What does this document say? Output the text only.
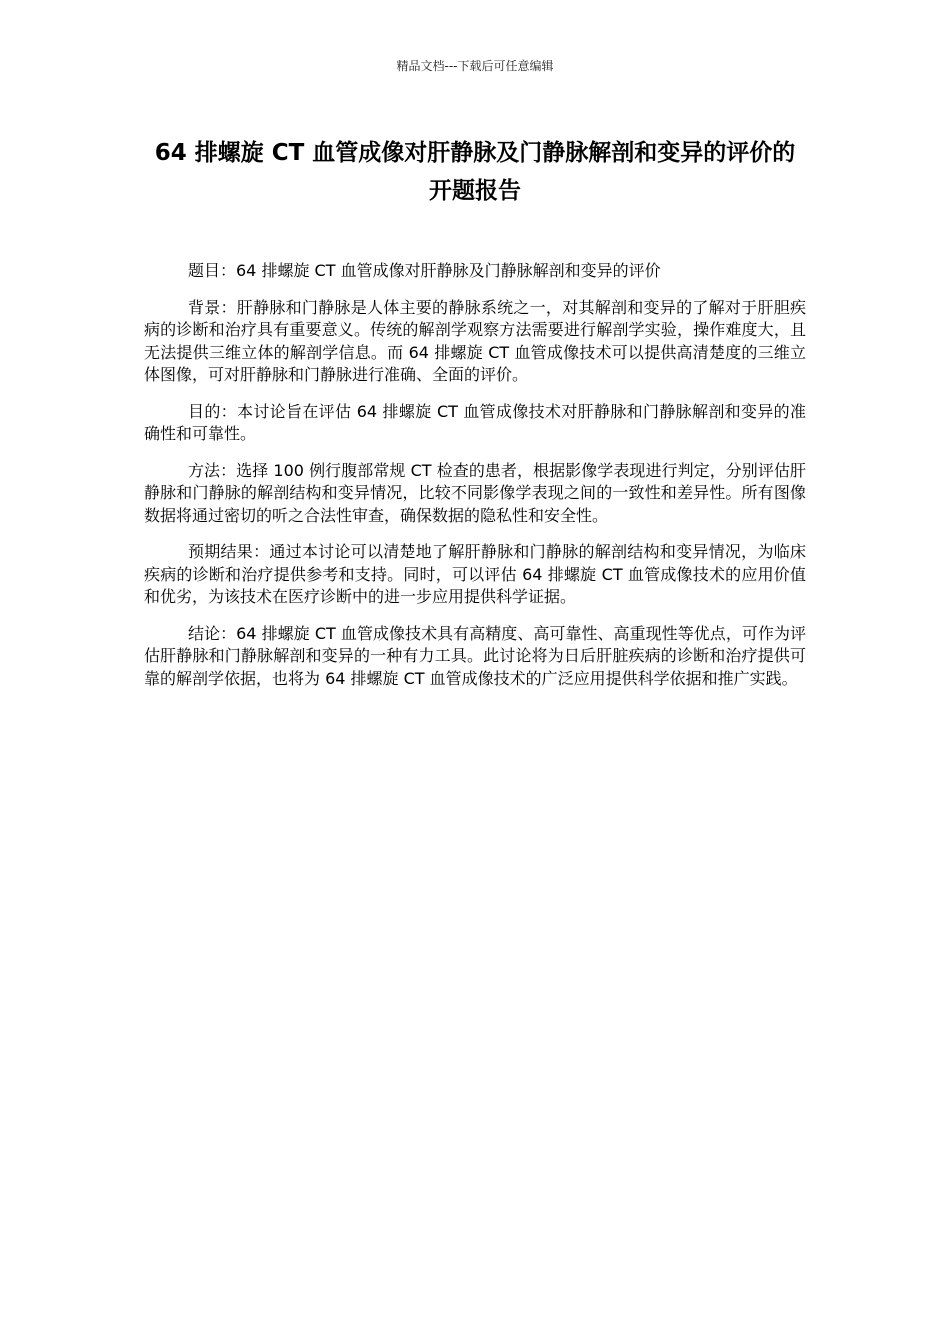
精品文档---下载后可任意编辑
64 排螺旋 CT 血管成像对肝静脉及门静脉解剖和变异的评价的开题报告

题目：64 排螺旋 CT 血管成像对肝静脉及门静脉解剖和变异的评价

背景：肝静脉和门静脉是人体主要的静脉系统之一，对其解剖和变异的了解对于肝胆疾病的诊断和治疗具有重要意义。传统的解剖学观察方法需要进行解剖学实验，操作难度大，且无法提供三维立体的解剖学信息。而 64 排螺旋 CT 血管成像技术可以提供高清楚度的三维立体图像，可对肝静脉和门静脉进行准确、全面的评价。

目的：本讨论旨在评估 64 排螺旋 CT 血管成像技术对肝静脉和门静脉解剖和变异的准确性和可靠性。

方法：选择 100 例行腹部常规 CT 检查的患者，根据影像学表现进行判定，分别评估肝静脉和门静脉的解剖结构和变异情况，比较不同影像学表现之间的一致性和差异性。所有图像数据将通过密切的听之合法性审查，确保数据的隐私性和安全性。

预期结果：通过本讨论可以清楚地了解肝静脉和门静脉的解剖结构和变异情况，为临床疾病的诊断和治疗提供参考和支持。同时，可以评估 64 排螺旋 CT 血管成像技术的应用价值和优劣，为该技术在医疗诊断中的进一步应用提供科学证据。

结论：64 排螺旋 CT 血管成像技术具有高精度、高可靠性、高重现性等优点，可作为评估肝静脉和门静脉解剖和变异的一种有力工具。此讨论将为日后肝脏疾病的诊断和治疗提供可靠的解剖学依据，也将为 64 排螺旋 CT 血管成像技术的广泛应用提供科学依据和推广实践。
